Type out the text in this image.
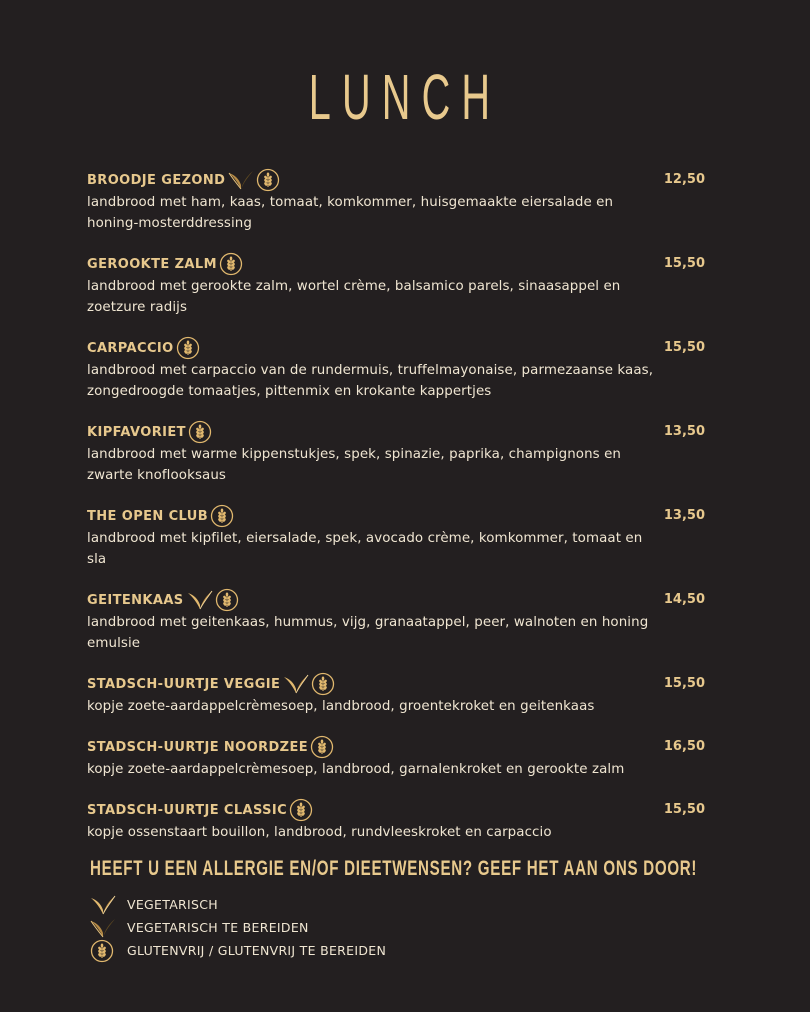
LUNCH
BROODJE GEZOND	12,50
landbrood met ham, kaas, tomaat, komkommer, huisgemaakte eiersalade en honing-mosterddressing
GEROOKTE ZALM	15,50
landbrood met gerookte zalm, wortel crème, balsamico parels, sinaasappel en zoetzure radijs
CARPACCIO	15,50
landbrood met carpaccio van de rundermuis, truffelmayonaise, parmezaanse kaas, zongedroogde tomaatjes, pittenmix en krokante kappertjes
KIPFAVORIET	13,50
landbrood met warme kippenstukjes, spek, spinazie, paprika, champignons en zwarte knoflooksaus
THE OPEN CLUB	13,50
landbrood met kipfilet, eiersalade, spek, avocado crème, komkommer, tomaat en sla
GEITENKAAS	14,50
landbrood met geitenkaas, hummus, vijg, granaatappel, peer, walnoten en honing emulsie
STADSCH-UURTJE VEGGIE	15,50
kopje zoete-aardappelcrèmesoep, landbrood, groentekroket en geitenkaas
STADSCH-UURTJE NOORDZEE	16,50
kopje zoete-aardappelcrèmesoep, landbrood, garnalenkroket en gerookte zalm
STADSCH-UURTJE CLASSIC	15,50
kopje ossenstaart bouillon, landbrood, rundvleeskroket en carpaccio
HEEFT U EEN ALLERGIE EN/OF DIEETWENSEN? GEEF HET AAN ONS DOOR!
VEGETARISCH
VEGETARISCH TE BEREIDEN
GLUTENVRIJ / GLUTENVRIJ TE BEREIDEN
